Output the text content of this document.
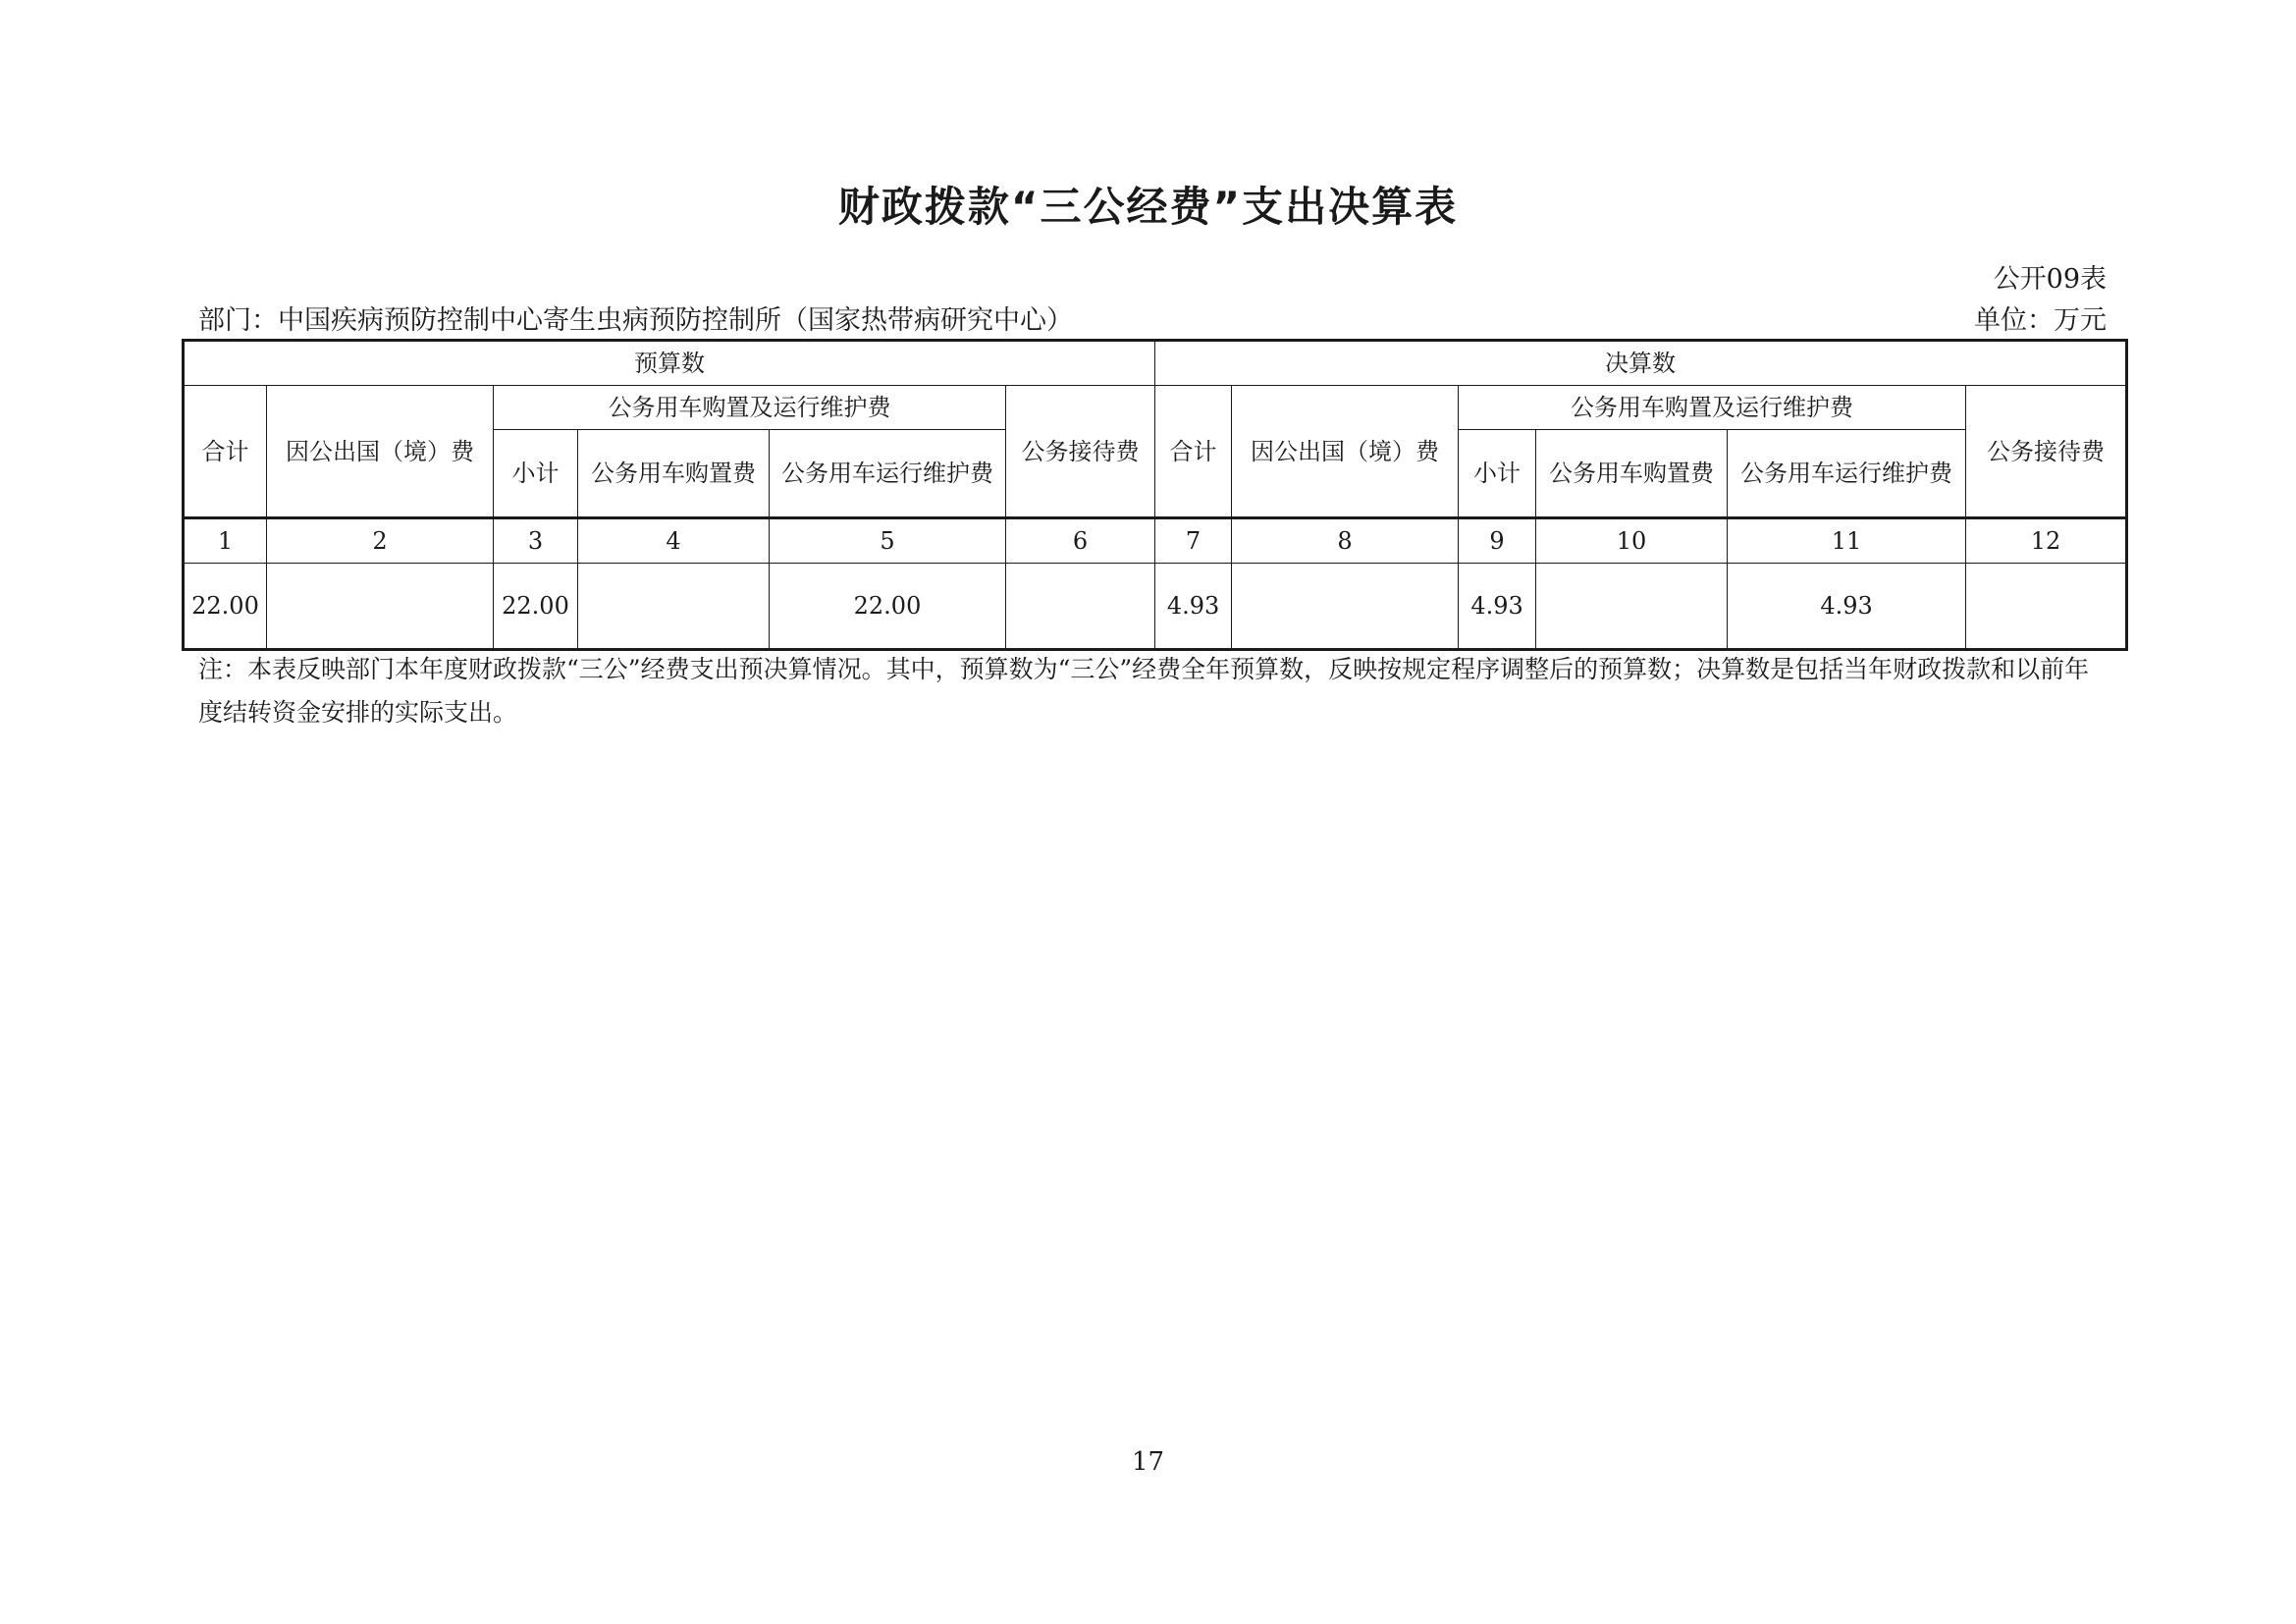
财政拨款“三公经费”支出决算表
公开09表
部门：中国疾病预防控制中心寄生虫病预防控制所（国家热带病研究中心）	单位：万元
预算数						决算数					
合计	因公出国（境）费	公务用车购置及运行维护费			公务接待费	合计	因公出国（境）费	公务用车购置及运行维护费			公务接待费
		小计	公务用车购置费	公务用车运行维护费				小计	公务用车购置费	公务用车运行维护费	
1	2	3	4	5	6	7	8	9	10	11	12
22.00		22.00		22.00		4.93		4.93		4.93	
注：本表反映部门本年度财政拨款“三公”经费支出预决算情况。其中，预算数为“三公”经费全年预算数，反映按规定程序调整后的预算数；决算数是包括当年财政拨款和以前年度结转资金安排的实际支出。
17
